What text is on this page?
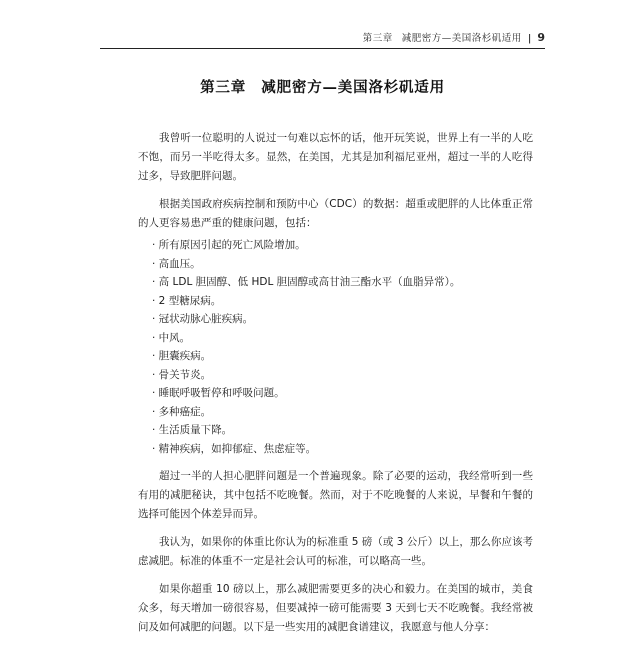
第三章 减肥密方—美国洛杉矶适用 | 9
第三章　减肥密方—美国洛杉矶适用

我曾听一位聪明的人说过一句难以忘怀的话，他开玩笑说，世界上有一半的人吃不饱，而另一半吃得太多。显然，在美国，尤其是加利福尼亚州，超过一半的人吃得过多，导致肥胖问题。

根据美国政府疾病控制和预防中心（CDC）的数据：超重或肥胖的人比体重正常的人更容易患严重的健康问题，包括：

· 所有原因引起的死亡风险增加。
· 高血压。
· 高 LDL 胆固醇、低 HDL 胆固醇或高甘油三酯水平（血脂异常）。
· 2 型糖尿病。
· 冠状动脉心脏疾病。
· 中风。
· 胆囊疾病。
· 骨关节炎。
· 睡眠呼吸暂停和呼吸问题。
· 多种癌症。
· 生活质量下降。
· 精神疾病，如抑郁症、焦虑症等。

超过一半的人担心肥胖问题是一个普遍现象。除了必要的运动，我经常听到一些有用的减肥秘诀，其中包括不吃晚餐。然而，对于不吃晚餐的人来说，早餐和午餐的选择可能因个体差异而异。

我认为，如果你的体重比你认为的标准重 5 磅（或 3 公斤）以上，那么你应该考虑减肥。标准的体重不一定是社会认可的标准，可以略高一些。

如果你超重 10 磅以上，那么减肥需要更多的决心和毅力。在美国的城市，美食众多，每天增加一磅很容易，但要减掉一磅可能需要 3 天到七天不吃晚餐。我经常被问及如何减肥的问题。以下是一些实用的减肥食谱建议，我愿意与他人分享：
